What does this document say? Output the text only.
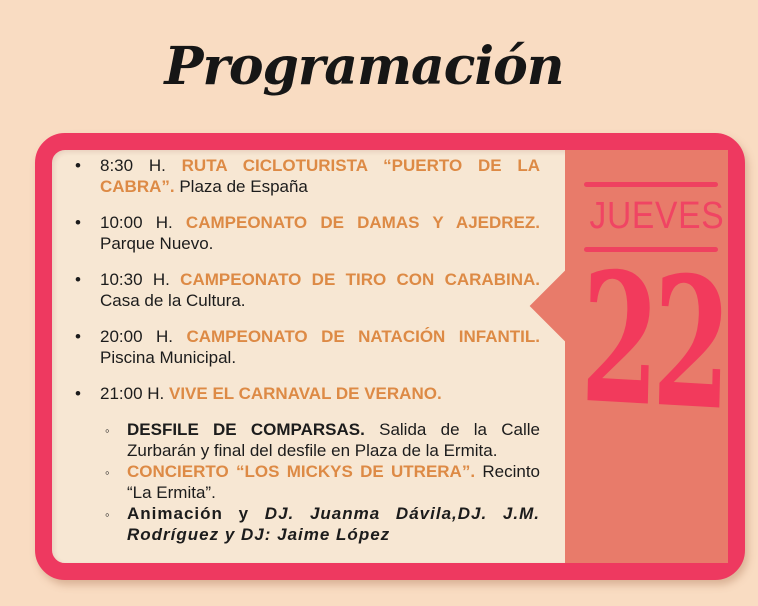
Programación
•	8:30 H. RUTA CICLOTURISTA “PUERTO DE LA CABRA”. Plaza de España
•	10:00 H. CAMPEONATO DE DAMAS Y AJEDREZ. Parque Nuevo.
•	10:30 H. CAMPEONATO DE TIRO CON CARABINA. Casa de la Cultura.
•	20:00 H. CAMPEONATO DE NATACIÓN INFANTIL. Piscina Municipal.
•	21:00 H. VIVE EL CARNAVAL DE VERANO.
◦	DESFILE DE COMPARSAS. Salida de la Calle Zurbarán y final del desfile en Plaza de la Ermita.
◦	CONCIERTO “LOS MICKYS DE UTRERA”. Recinto “La Ermita”.
◦	Animación y DJ. Juanma Dávila,DJ. J.M. Rodríguez y DJ: Jaime López
JUEVES
22
